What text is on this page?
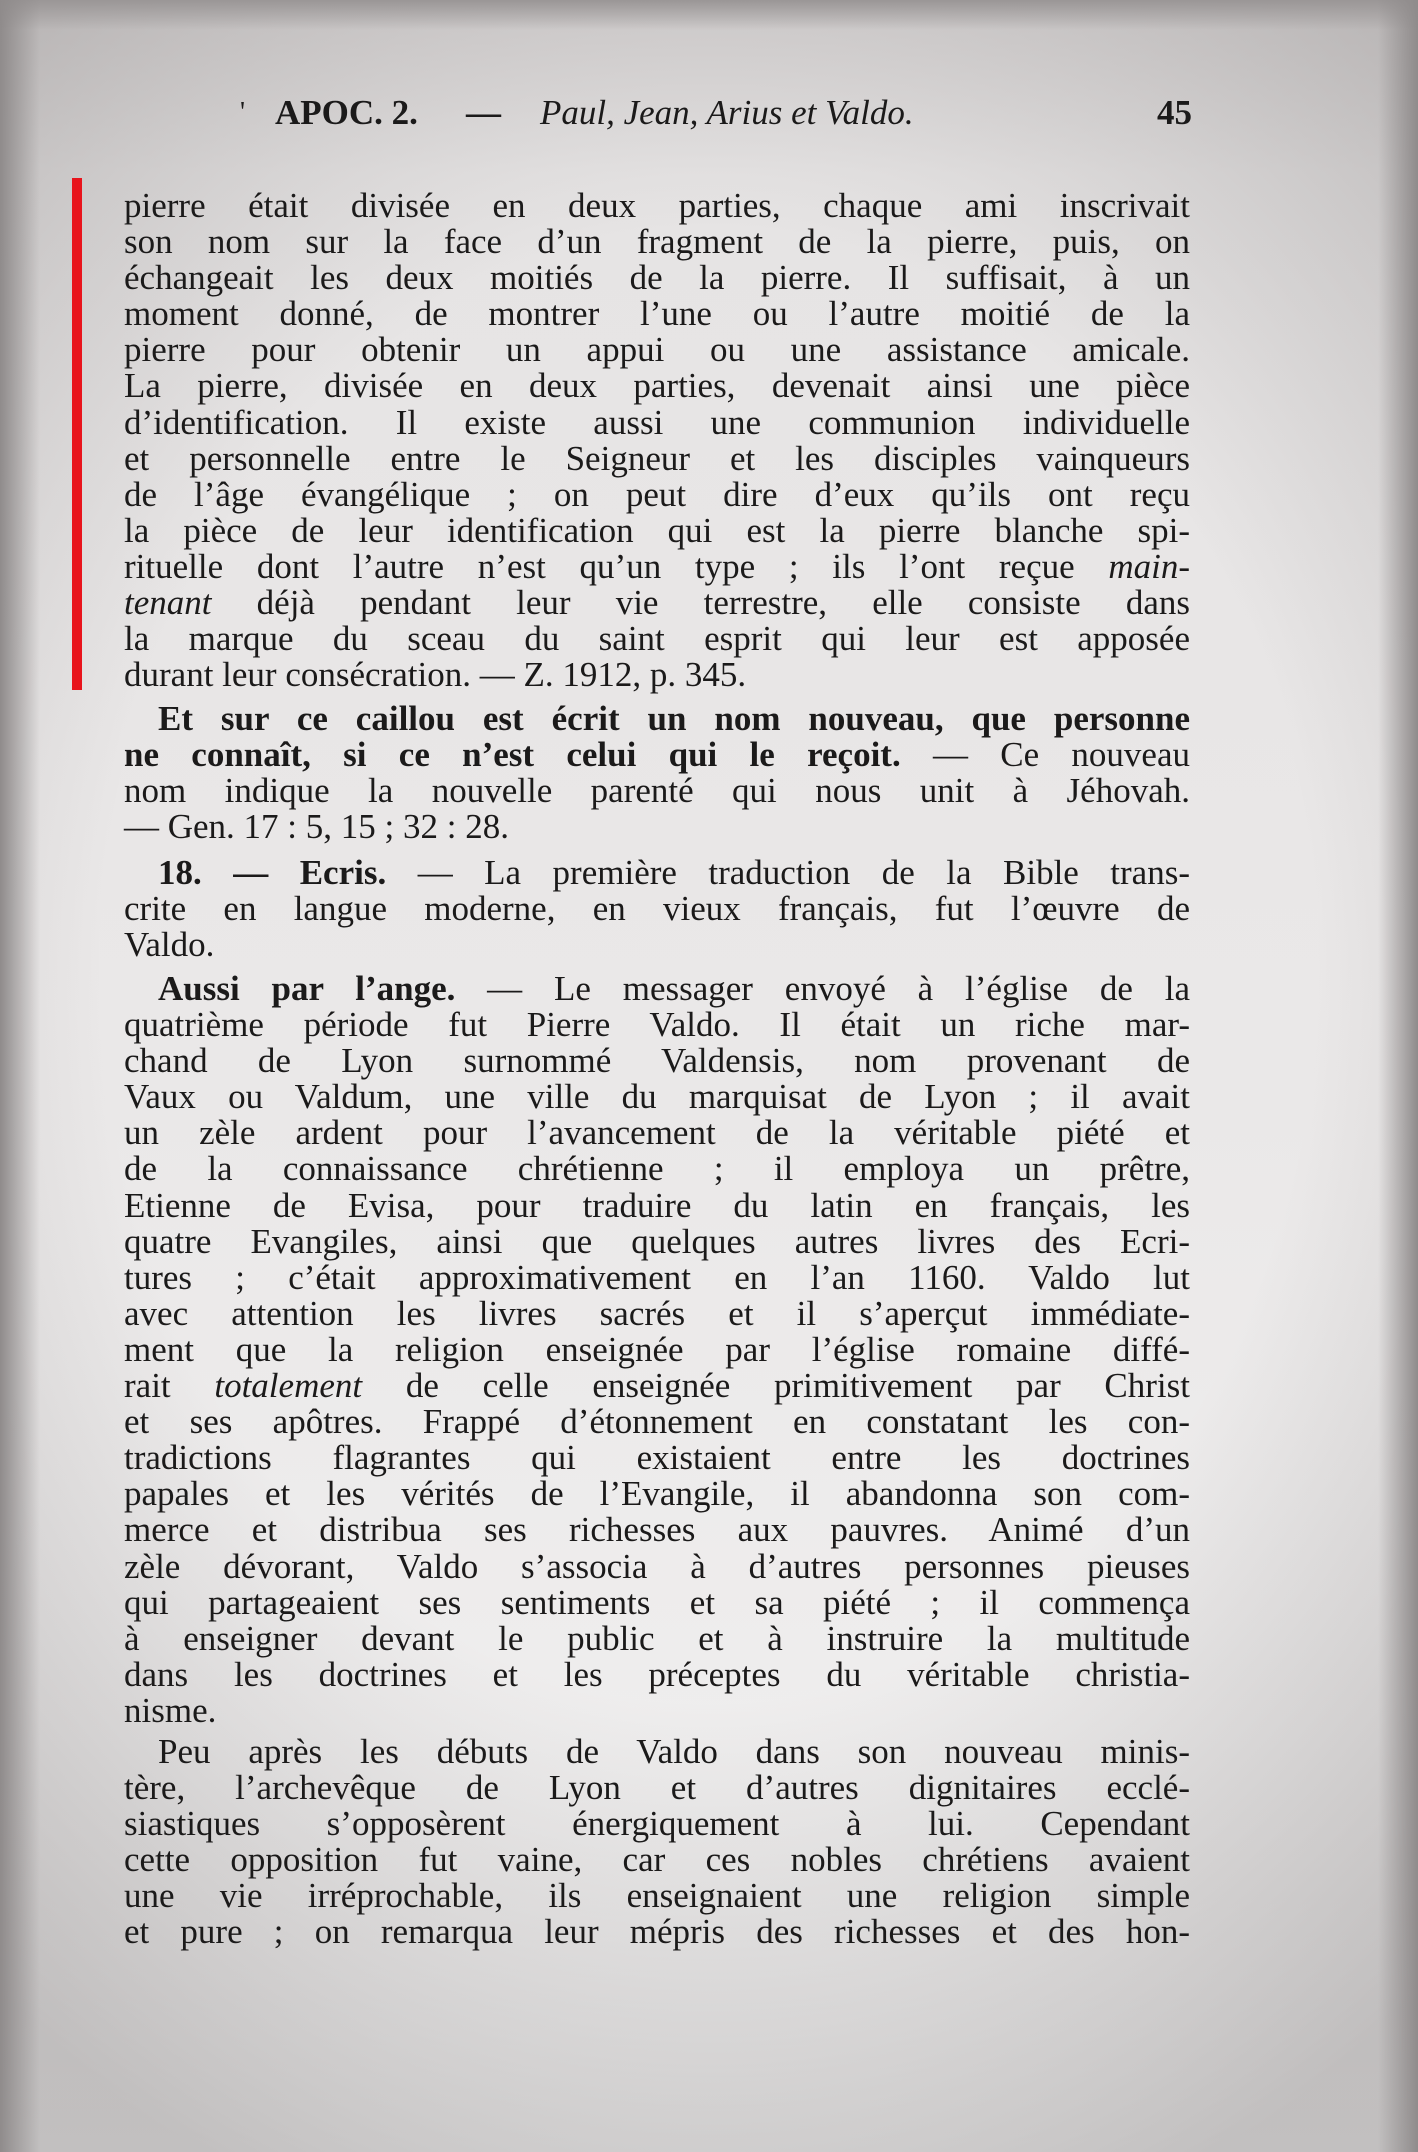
' APOC. 2. — Paul, Jean, Arius et Valdo.	45
pierre était divisée en deux parties, chaque ami inscrivait
son nom sur la face d’un fragment de la pierre, puis, on
échangeait les deux moitiés de la pierre. Il suffisait, à un
moment donné, de montrer l’une ou l’autre moitié de la
pierre pour obtenir un appui ou une assistance amicale.
La pierre, divisée en deux parties, devenait ainsi une pièce
d’identification. Il existe aussi une communion individuelle
et personnelle entre le Seigneur et les disciples vainqueurs
de l’âge évangélique ; on peut dire d’eux qu’ils ont reçu
la pièce de leur identification qui est la pierre blanche spi-
rituelle dont l’autre n’est qu’un type ; ils l’ont reçue main-
tenant déjà pendant leur vie terrestre, elle consiste dans
la marque du sceau du saint esprit qui leur est apposée
durant leur consécration. — Z. 1912, p. 345.
Et sur ce caillou est écrit un nom nouveau, que personne
ne connaît, si ce n’est celui qui le reçoit. — Ce nouveau
nom indique la nouvelle parenté qui nous unit à Jéhovah.
— Gen. 17 : 5, 15 ; 32 : 28.
18. — Ecris. — La première traduction de la Bible trans-
crite en langue moderne, en vieux français, fut l’œuvre de
Valdo.
Aussi par l’ange. — Le messager envoyé à l’église de la
quatrième période fut Pierre Valdo. Il était un riche mar-
chand de Lyon surnommé Valdensis, nom provenant de
Vaux ou Valdum, une ville du marquisat de Lyon ; il avait
un zèle ardent pour l’avancement de la véritable piété et
de la connaissance chrétienne ; il employa un prêtre,
Etienne de Evisa, pour traduire du latin en français, les
quatre Evangiles, ainsi que quelques autres livres des Ecri-
tures ; c’était approximativement en l’an 1160. Valdo lut
avec attention les livres sacrés et il s’aperçut immédiate-
ment que la religion enseignée par l’église romaine diffé-
rait totalement de celle enseignée primitivement par Christ
et ses apôtres. Frappé d’étonnement en constatant les con-
tradictions flagrantes qui existaient entre les doctrines
papales et les vérités de l’Evangile, il abandonna son com-
merce et distribua ses richesses aux pauvres. Animé d’un
zèle dévorant, Valdo s’associa à d’autres personnes pieuses
qui partageaient ses sentiments et sa piété ; il commença
à enseigner devant le public et à instruire la multitude
dans les doctrines et les préceptes du véritable christia-
nisme.
Peu après les débuts de Valdo dans son nouveau minis-
tère, l’archevêque de Lyon et d’autres dignitaires ecclé-
siastiques s’opposèrent énergiquement à lui. Cependant
cette opposition fut vaine, car ces nobles chrétiens avaient
une vie irréprochable, ils enseignaient une religion simple
et pure ; on remarqua leur mépris des richesses et des hon-
